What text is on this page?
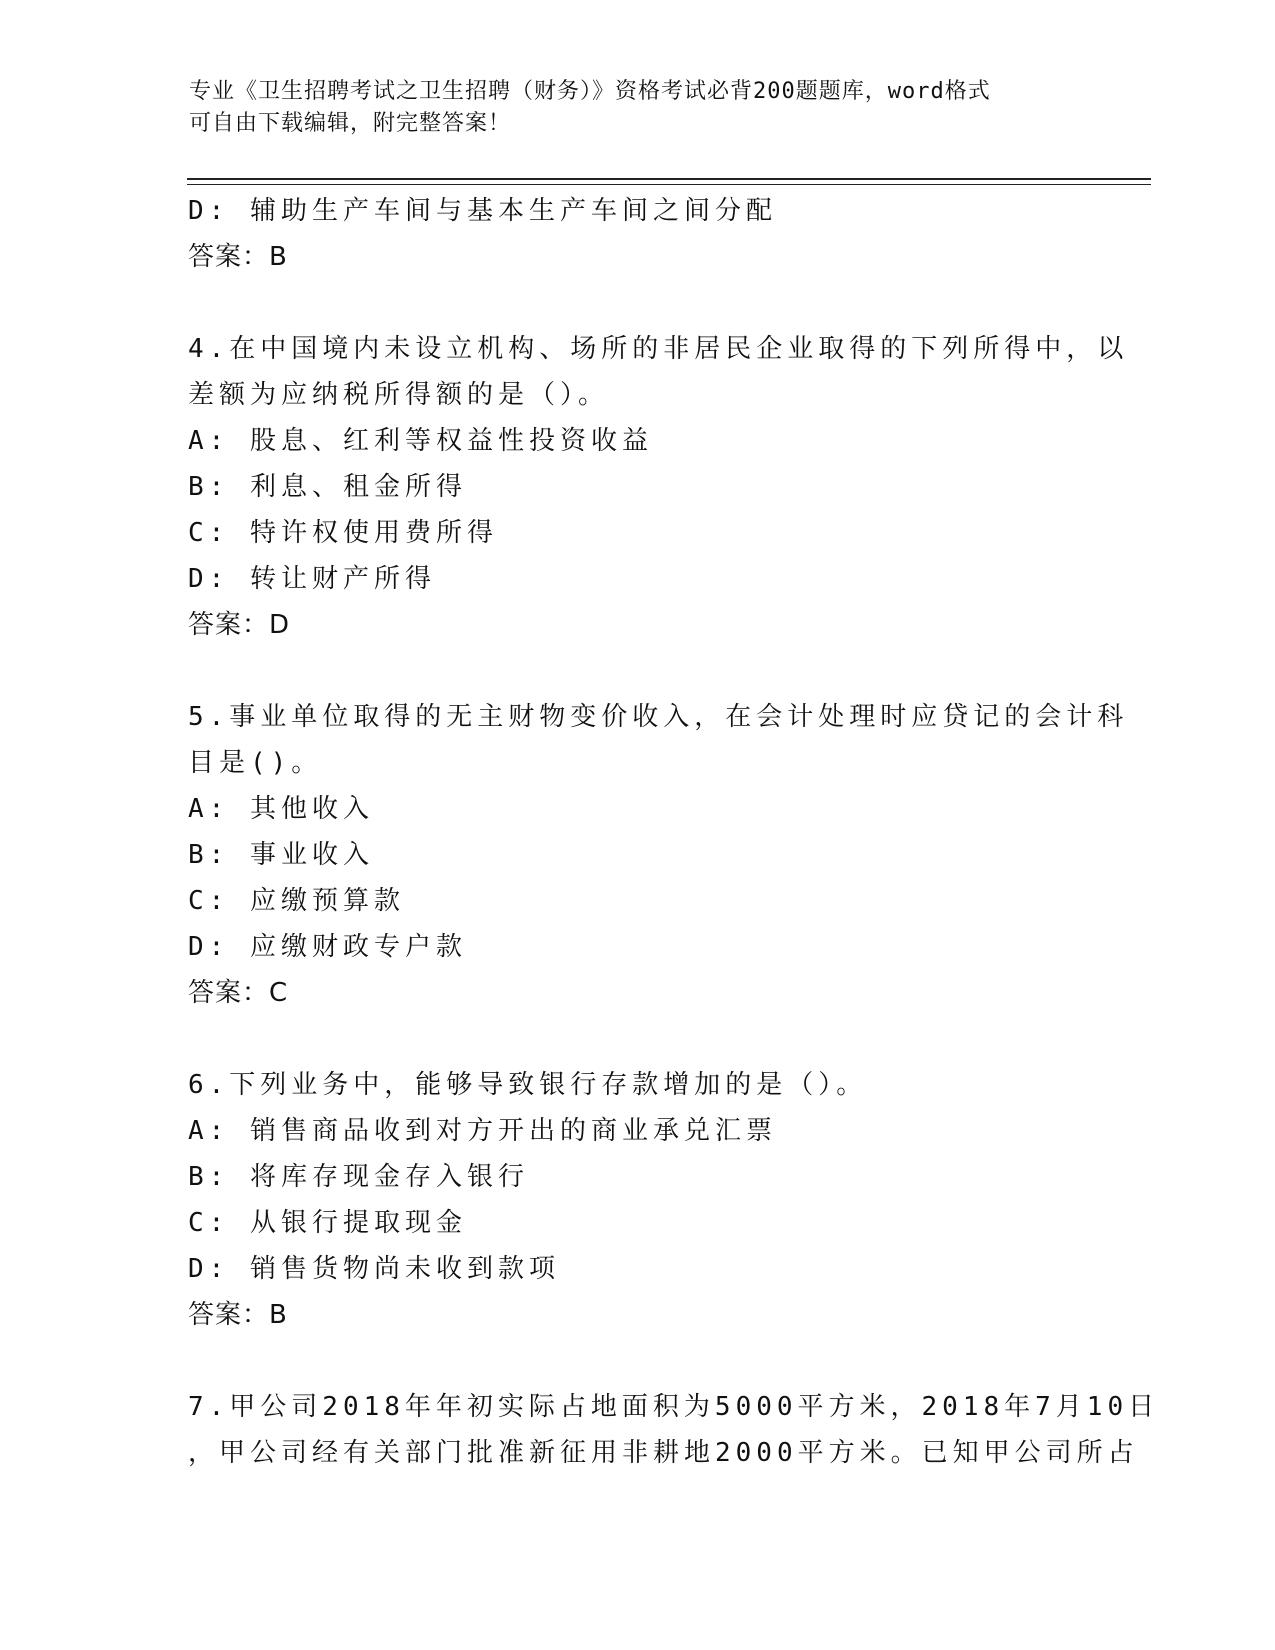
专业《卫生招聘考试之卫生招聘（财务）》资格考试必背200题题库，word格式
可自由下载编辑，附完整答案！
D: 辅助生产车间与基本生产车间之间分配
答案：B
4.在中国境内未设立机构、场所的非居民企业取得的下列所得中，以
差额为应纳税所得额的是（）。
A: 股息、红利等权益性投资收益
B: 利息、租金所得
C: 特许权使用费所得
D: 转让财产所得
答案：D
5.事业单位取得的无主财物变价收入，在会计处理时应贷记的会计科
目是()。
A: 其他收入
B: 事业收入
C: 应缴预算款
D: 应缴财政专户款
答案：C
6.下列业务中，能够导致银行存款增加的是（）。
A: 销售商品收到对方开出的商业承兑汇票
B: 将库存现金存入银行
C: 从银行提取现金
D: 销售货物尚未收到款项
答案：B
7.甲公司2018年年初实际占地面积为5000平方米，2018年7月10日
，甲公司经有关部门批准新征用非耕地2000平方米。已知甲公司所占
